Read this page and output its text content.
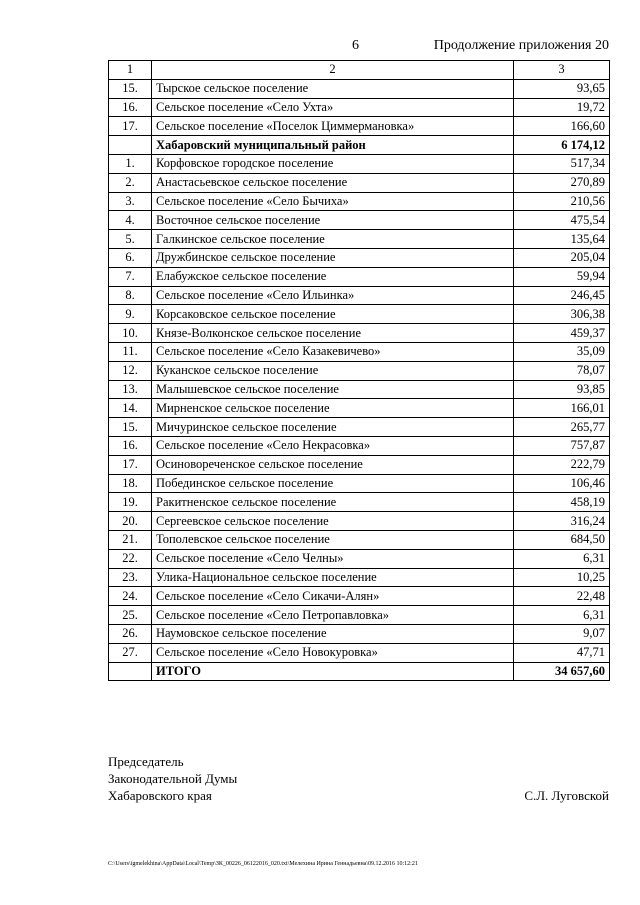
6	Продолжение приложения 20
1	2	3
15.	Тырское сельское поселение	93,65
16.	Сельское поселение «Село Ухта»	19,72
17.	Сельское поселение «Поселок Циммермановка»	166,60
	Хабаровский муниципальный район	6 174,12
1.	Корфовское городское поселение	517,34
2.	Анастасьевское сельское поселение	270,89
3.	Сельское поселение «Село Бычиха»	210,56
4.	Восточное сельское поселение	475,54
5.	Галкинское сельское поселение	135,64
6.	Дружбинское сельское поселение	205,04
7.	Елабужское сельское поселение	59,94
8.	Сельское поселение «Село Ильинка»	246,45
9.	Корсаковское сельское поселение	306,38
10.	Князе-Волконское сельское поселение	459,37
11.	Сельское поселение «Село Казакевичево»	35,09
12.	Куканское сельское поселение	78,07
13.	Малышевское сельское поселение	93,85
14.	Мирненское сельское поселение	166,01
15.	Мичуринское сельское поселение	265,77
16.	Сельское поселение «Село Некрасовка»	757,87
17.	Осиновореченское сельское поселение	222,79
18.	Побединское сельское поселение	106,46
19.	Ракитненское сельское поселение	458,19
20.	Сергеевское сельское поселение	316,24
21.	Тополевское сельское поселение	684,50
22.	Сельское поселение «Село Челны»	6,31
23.	Улика-Национальное сельское поселение	10,25
24.	Сельское поселение «Село Сикачи-Алян»	22,48
25.	Сельское поселение «Село Петропавловка»	6,31
26.	Наумовское сельское поселение	9,07
27.	Сельское поселение «Село Новокуровка»	47,71
	ИТОГО	34 657,60
Председатель
Законодательной Думы
Хабаровского края	С.Л. Луговской
C:\Users\igmelekhina\AppData\Local\Temp\ЗК_00226_06122016_020.txt\Мелехина Ирина Геннадьевна\09.12.2016 10:12:21
